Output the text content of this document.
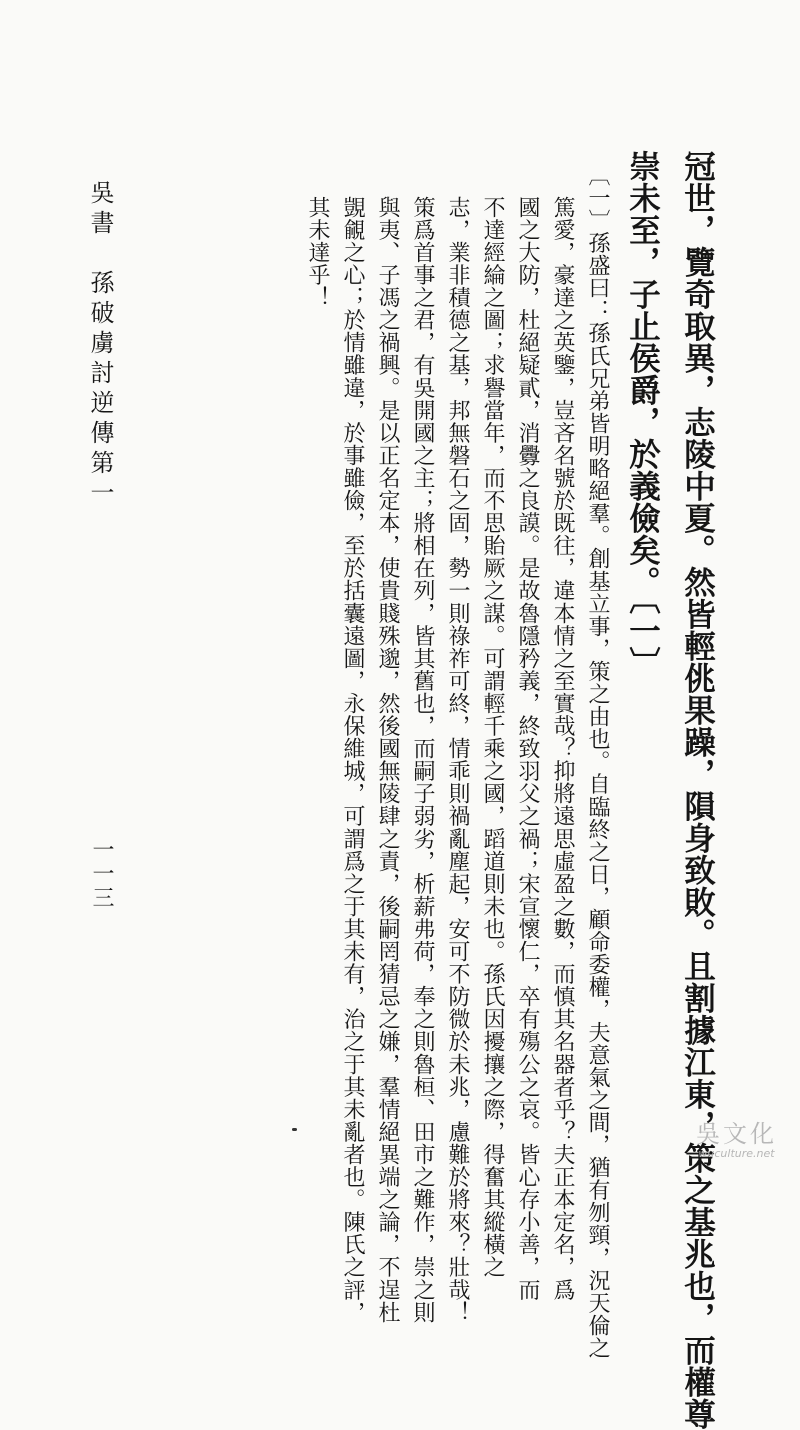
冠世，覽奇取異，志陵中夏。然皆輕佻果躁，隕身致敗。且割據江東，策之基兆也，而權尊
崇未至，子止侯爵，於義儉矣。〔一〕
〔一〕孫盛曰：孫氏兄弟皆明略絕羣。創基立事，策之由也。自臨終之日，顧命委權，夫意氣之間，猶有刎頸，況天倫之
篤愛，豪達之英鑒，豈吝名號於既往，違本情之至實哉？抑將遠思虛盈之數，而慎其名器者乎？夫正本定名，爲
國之大防，杜絕疑貳，消釁之良謨。是故魯隱矜義，終致羽父之禍；宋宣懷仁，卒有殤公之哀。皆心存小善，而
不達經綸之圖；求譽當年，而不思貽厥之謀。可謂輕千乘之國，蹈道則未也。孫氏因擾攘之際，得奮其縱橫之
志，業非積德之基，邦無磐石之固，勢一則祿祚可終，情乖則禍亂塵起，安可不防微於未兆，慮難於將來？壯哉！
策爲首事之君，有吳開國之主；將相在列，皆其舊也，而嗣子弱劣，析薪弗荷，奉之則魯桓、田市之難作，崇之則
與夷、子馮之禍興。是以正名定本，使貴賤殊邈，然後國無陵肆之責，後嗣罔猜忌之嫌，羣情絕異端之論，不逞杜
覬覦之心；於情雖違，於事雖儉，至於括囊遠圖，永保維城，可謂爲之于其未有，治之于其未亂者也。陳氏之評，
其未達乎！
吳書　孫破虜討逆傳第一
一一三
吳文化
wuculture.net
